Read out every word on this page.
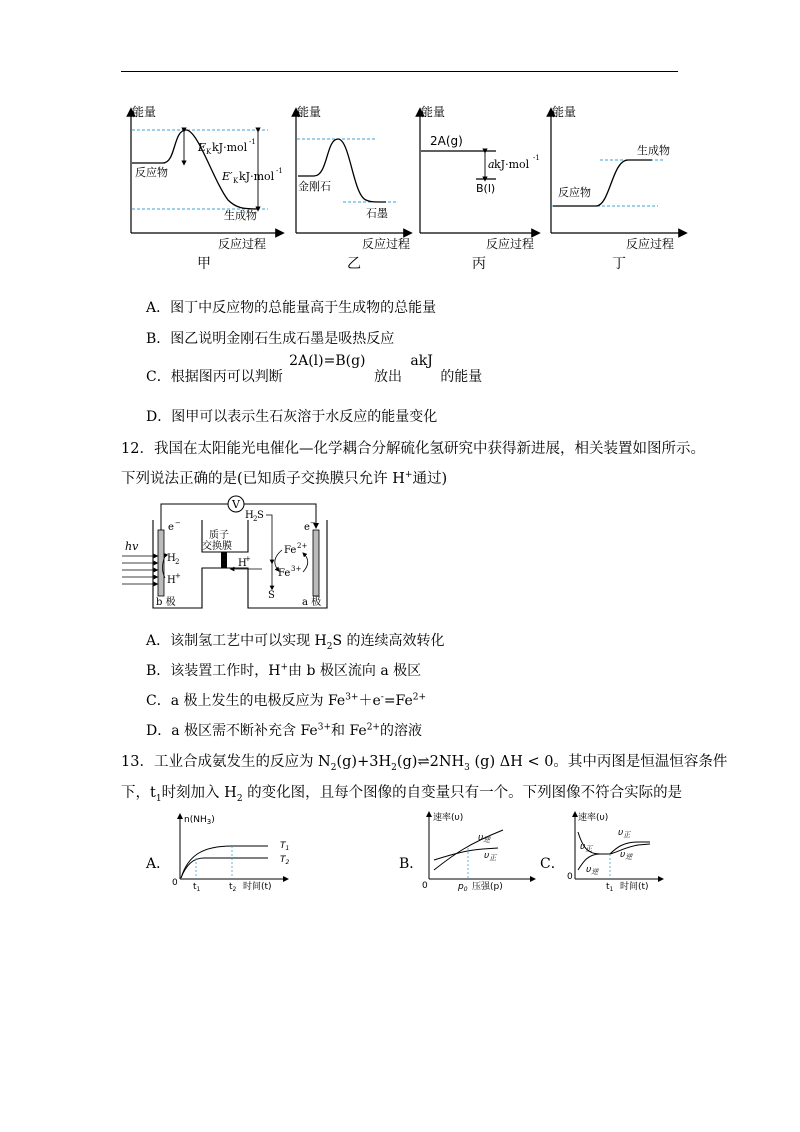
能量
反应过程
反应物
生成物
E K kJ·mol -1
E′ K kJ·mol -1
能量
反应过程
金刚石
石墨
能量
反应过程
2A(g)
B(l)
a kJ·mol -1
能量
反应过程
反应物
生成物
甲	乙	丙	丁
A．图丁中反应物的总能量高于生成物的总能量
B．图乙说明金刚石生成石墨是吸热反应
C．根据图丙可以判断 2A(l)=B(g) 放出 akJ 的能量
D．图甲可以表示生石灰溶于水反应的能量变化
12．我国在太阳能光电催化—化学耦合分解硫化氢研究中获得新进展，相关装置如图所示。
下列说法正确的是(已知质子交换膜只允许 H+通过)
V
质子
交换膜
e −
H 2
H +
b 极
hv
e −
a 极
H 2 S
S
H
+
Fe 2+
Fe 3+
A．该制氢工艺中可以实现 $H_2S$ 的连续高效转化
B．该装置工作时，H+由 b 极区流向 a 极区
C．a 极上发生的电极反应为 $Fe^{3+}+e^-=Fe^{2+}$
D．a 极区需不断补充含 $Fe^{3+}$和 $Fe^{2+}$的溶液
13．工业合成氨发生的反应为 $N_2(g)+3H_2(g)\rightleftharpoons 2NH_3$ (g) ΔH < 0。其中丙图是恒温恒容条件
下，$t_1$时刻加入 $H_2$ 的变化图，且每个图像的自变量只有一个。下列图像不符合实际的是
A．	B．	C．
$n(NH_3)$
$T_1$
$T_2$
0 $t_1$	$t_2$ 时间(t)
速率(υ)
$\upsilon_逆$
$\upsilon_正$
0	$p_0$ 压强(p)
速率(υ)
$\upsilon_正$
$\upsilon_正$
$\upsilon_逆$
$\upsilon_逆$
0
$t_1$ 时间(t)
